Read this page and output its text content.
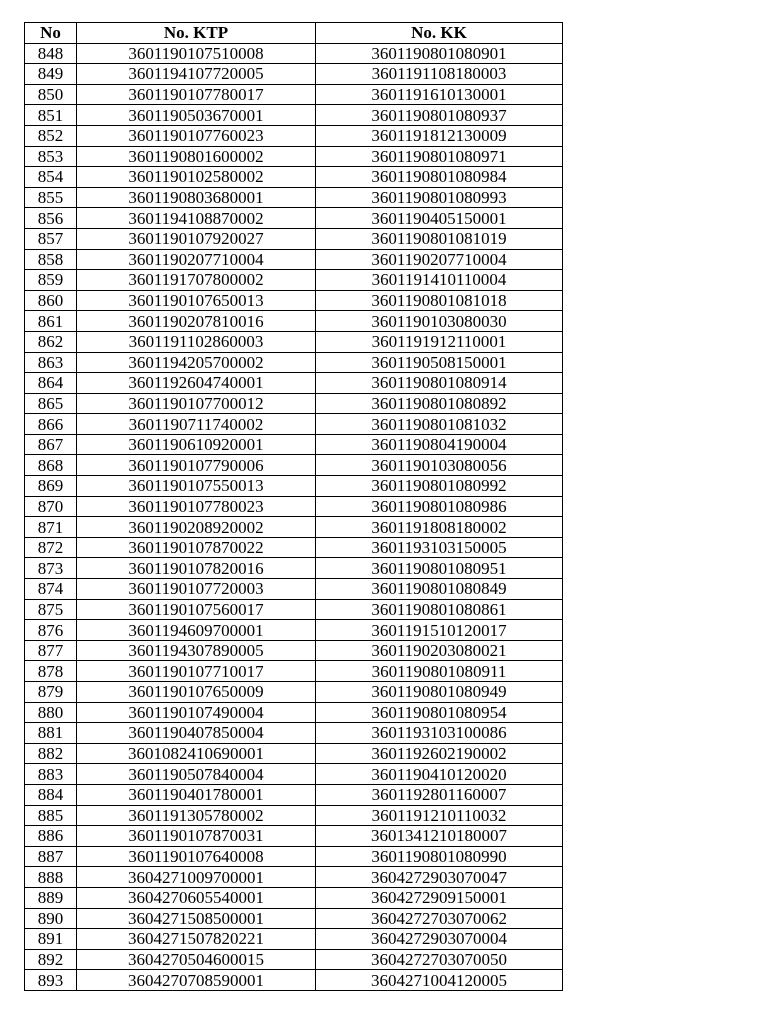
No	No. KTP	No. KK
848	3601190107510008	3601190801080901
849	3601194107720005	3601191108180003
850	3601190107780017	3601191610130001
851	3601190503670001	3601190801080937
852	3601190107760023	3601191812130009
853	3601190801600002	3601190801080971
854	3601190102580002	3601190801080984
855	3601190803680001	3601190801080993
856	3601194108870002	3601190405150001
857	3601190107920027	3601190801081019
858	3601190207710004	3601190207710004
859	3601191707800002	3601191410110004
860	3601190107650013	3601190801081018
861	3601190207810016	3601190103080030
862	3601191102860003	3601191912110001
863	3601194205700002	3601190508150001
864	3601192604740001	3601190801080914
865	3601190107700012	3601190801080892
866	3601190711740002	3601190801081032
867	3601190610920001	3601190804190004
868	3601190107790006	3601190103080056
869	3601190107550013	3601190801080992
870	3601190107780023	3601190801080986
871	3601190208920002	3601191808180002
872	3601190107870022	3601193103150005
873	3601190107820016	3601190801080951
874	3601190107720003	3601190801080849
875	3601190107560017	3601190801080861
876	3601194609700001	3601191510120017
877	3601194307890005	3601190203080021
878	3601190107710017	3601190801080911
879	3601190107650009	3601190801080949
880	3601190107490004	3601190801080954
881	3601190407850004	3601193103100086
882	3601082410690001	3601192602190002
883	3601190507840004	3601190410120020
884	3601190401780001	3601192801160007
885	3601191305780002	3601191210110032
886	3601190107870031	3601341210180007
887	3601190107640008	3601190801080990
888	3604271009700001	3604272903070047
889	3604270605540001	3604272909150001
890	3604271508500001	3604272703070062
891	3604271507820221	3604272903070004
892	3604270504600015	3604272703070050
893	3604270708590001	3604271004120005
